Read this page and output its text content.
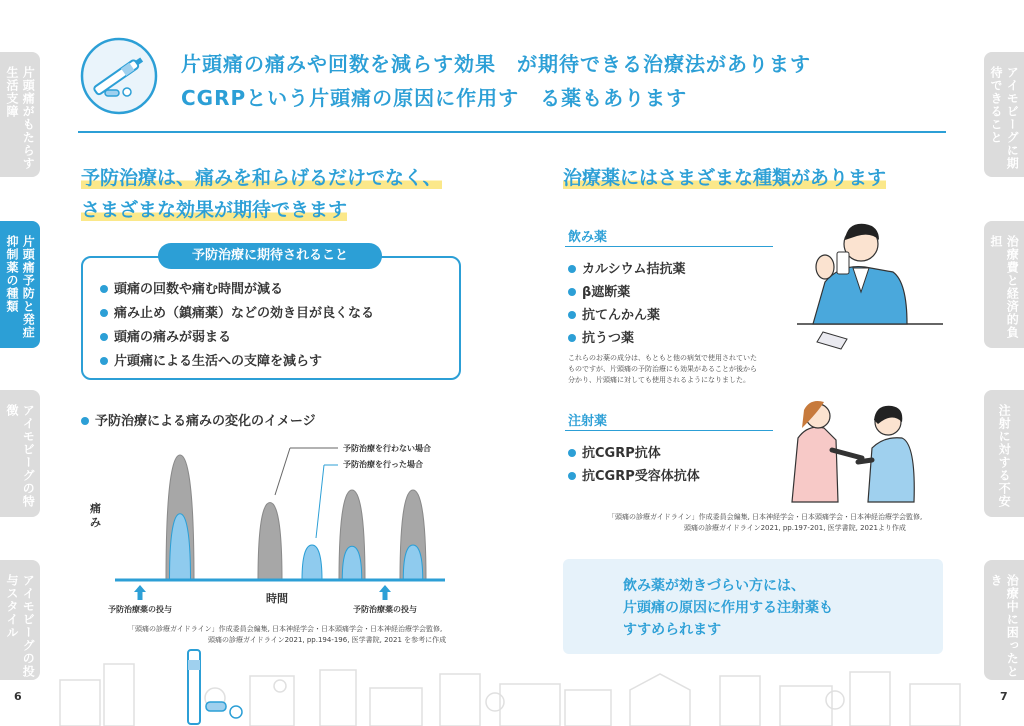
片頭痛がもたらす生活支障
片頭痛予防と発症抑制薬の種類
アイモビーグの特徴
アイモビーグの投与スタイル
アイモビーグに期待できること
治療費と経済的負担
注射に対する不安
治療中に困ったとき
6	7
片頭痛の痛みや回数を減らす効果　が期待できる治療法があります
CGRPという片頭痛の原因に作用す　る薬もあります
予防治療は、痛みを和らげるだけでなく、
さまざまな効果が期待できます
予防治療に期待されること
頭痛の回数や痛む時間が減る
痛み止め（鎮痛薬）などの効き目が良くなる
頭痛の痛みが弱まる
片頭痛による生活への支障を減らす
予防治療による痛みの変化のイメージ
痛み
時間
予防治療薬の投与	予防治療薬の投与
予防治療を行わない場合
予防治療を行った場合
「頭痛の診療ガイドライン」作成委員会編集, 日本神経学会・日本頭痛学会・日本神経治療学会監修,
頭痛の診療ガイドライン2021, pp.194-196, 医学書院, 2021 を参考に作成
治療薬にはさまざまな種類があります
飲み薬
カルシウム拮抗薬
β遮断薬
抗てんかん薬
抗うつ薬
これらのお薬の成分は、もともと他の病気で使用されていた
ものですが、片頭痛の予防治療にも効果があることが後から
分かり、片頭痛に対しても使用されるようになりました。
注射薬
抗CGRP抗体
抗CGRP受容体抗体
「頭痛の診療ガイドライン」作成委員会編集, 日本神経学会・日本頭痛学会・日本神経治療学会監修,
頭痛の診療ガイドライン2021, pp.197-201, 医学書院, 2021より作成
飲み薬が効きづらい方には、
片頭痛の原因に作用する注射薬も
すすめられます
